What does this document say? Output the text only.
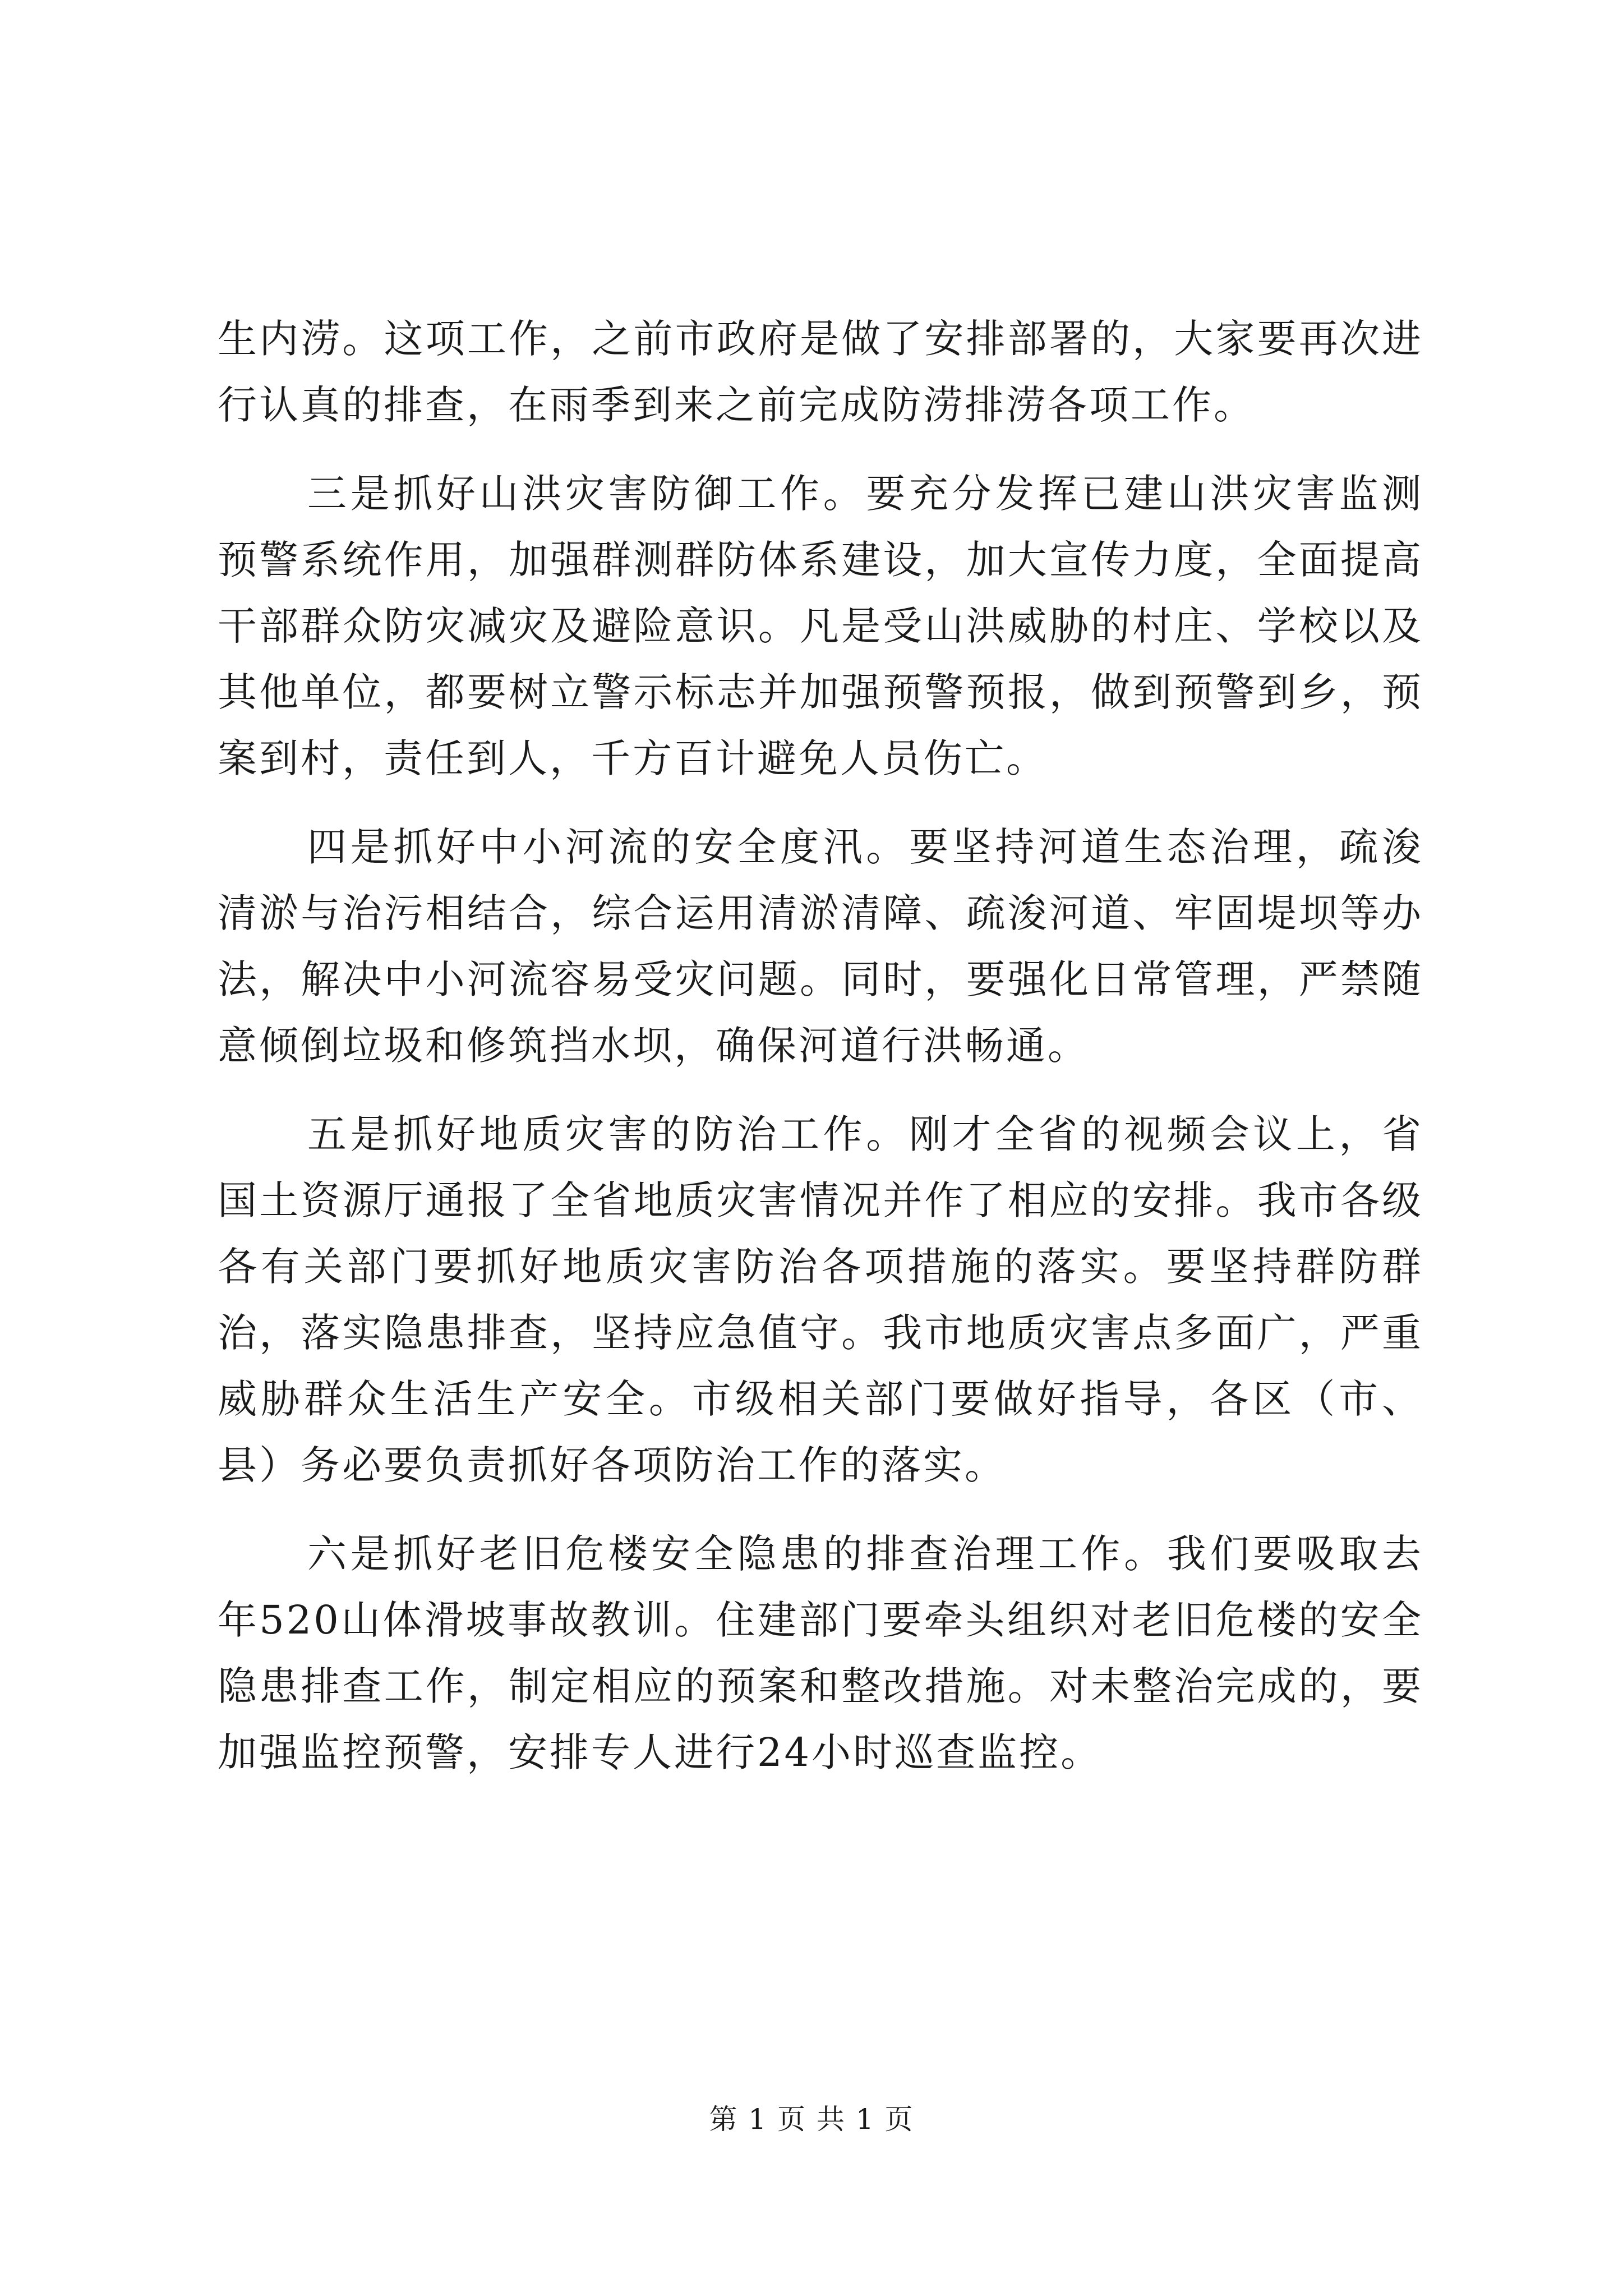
生内涝。这项工作，之前市政府是做了安排部署的，大家要再次进行认真的排查，在雨季到来之前完成防涝排涝各项工作。

三是抓好山洪灾害防御工作。要充分发挥已建山洪灾害监测预警系统作用，加强群测群防体系建设，加大宣传力度，全面提高干部群众防灾减灾及避险意识。凡是受山洪威胁的村庄、学校以及其他单位，都要树立警示标志并加强预警预报，做到预警到乡，预案到村，责任到人，千方百计避免人员伤亡。

四是抓好中小河流的安全度汛。要坚持河道生态治理，疏浚清淤与治污相结合，综合运用清淤清障、疏浚河道、牢固堤坝等办法，解决中小河流容易受灾问题。同时，要强化日常管理，严禁随意倾倒垃圾和修筑挡水坝，确保河道行洪畅通。

五是抓好地质灾害的防治工作。刚才全省的视频会议上，省国土资源厅通报了全省地质灾害情况并作了相应的安排。我市各级各有关部门要抓好地质灾害防治各项措施的落实。要坚持群防群治，落实隐患排查，坚持应急值守。我市地质灾害点多面广，严重威胁群众生活生产安全。市级相关部门要做好指导，各区（市、县）务必要负责抓好各项防治工作的落实。

六是抓好老旧危楼安全隐患的排查治理工作。我们要吸取去年520山体滑坡事故教训。住建部门要牵头组织对老旧危楼的安全隐患排查工作，制定相应的预案和整改措施。对未整治完成的，要加强监控预警，安排专人进行24小时巡查监控。

第 1 页 共 1 页
